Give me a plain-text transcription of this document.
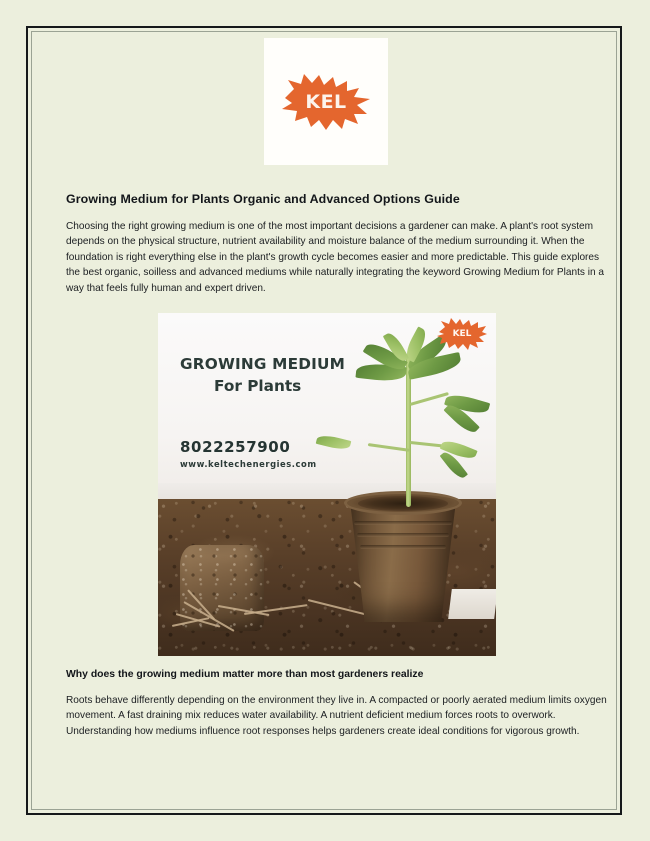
KEL
Growing Medium for Plants Organic and Advanced Options Guide
Choosing the right growing medium is one of the most important decisions a gardener can make. A plant's root system depends on the physical structure, nutrient availability and moisture balance of the medium surrounding it. When the foundation is right everything else in the plant's growth cycle becomes easier and more predictable. This guide explores the best organic, soilless and advanced mediums while naturally integrating the keyword Growing Medium for Plants in a way that feels fully human and expert driven.
GROWING MEDIUM
For Plants
8022257900
www.keltechenergies.com
KEL
Why does the growing medium matter more than most gardeners realize
Roots behave differently depending on the environment they live in. A compacted or poorly aerated medium limits oxygen movement. A fast draining mix reduces water availability. A nutrient deficient medium forces roots to overwork. Understanding how mediums influence root responses helps gardeners create ideal conditions for vigorous growth.
